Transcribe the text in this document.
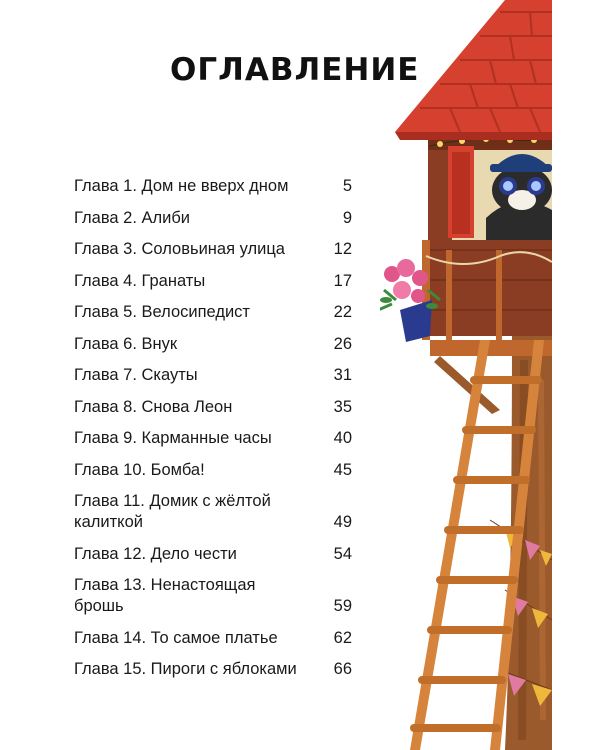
ОГЛАВЛЕНИЕ
Глава 1. Дом не вверх дном	5
Глава 2. Алиби	9
Глава 3. Соловьиная улица	12
Глава 4. Гранаты	17
Глава 5. Велосипедист	22
Глава 6. Внук	26
Глава 7. Скауты	31
Глава 8. Снова Леон	35
Глава 9. Карманные часы	40
Глава 10. Бомба!	45
Глава 11. Домик с жёлтой калиткой	49
Глава 12. Дело чести	54
Глава 13. Ненастоящая брошь	59
Глава 14. То самое платье	62
Глава 15. Пироги с яблоками	66
